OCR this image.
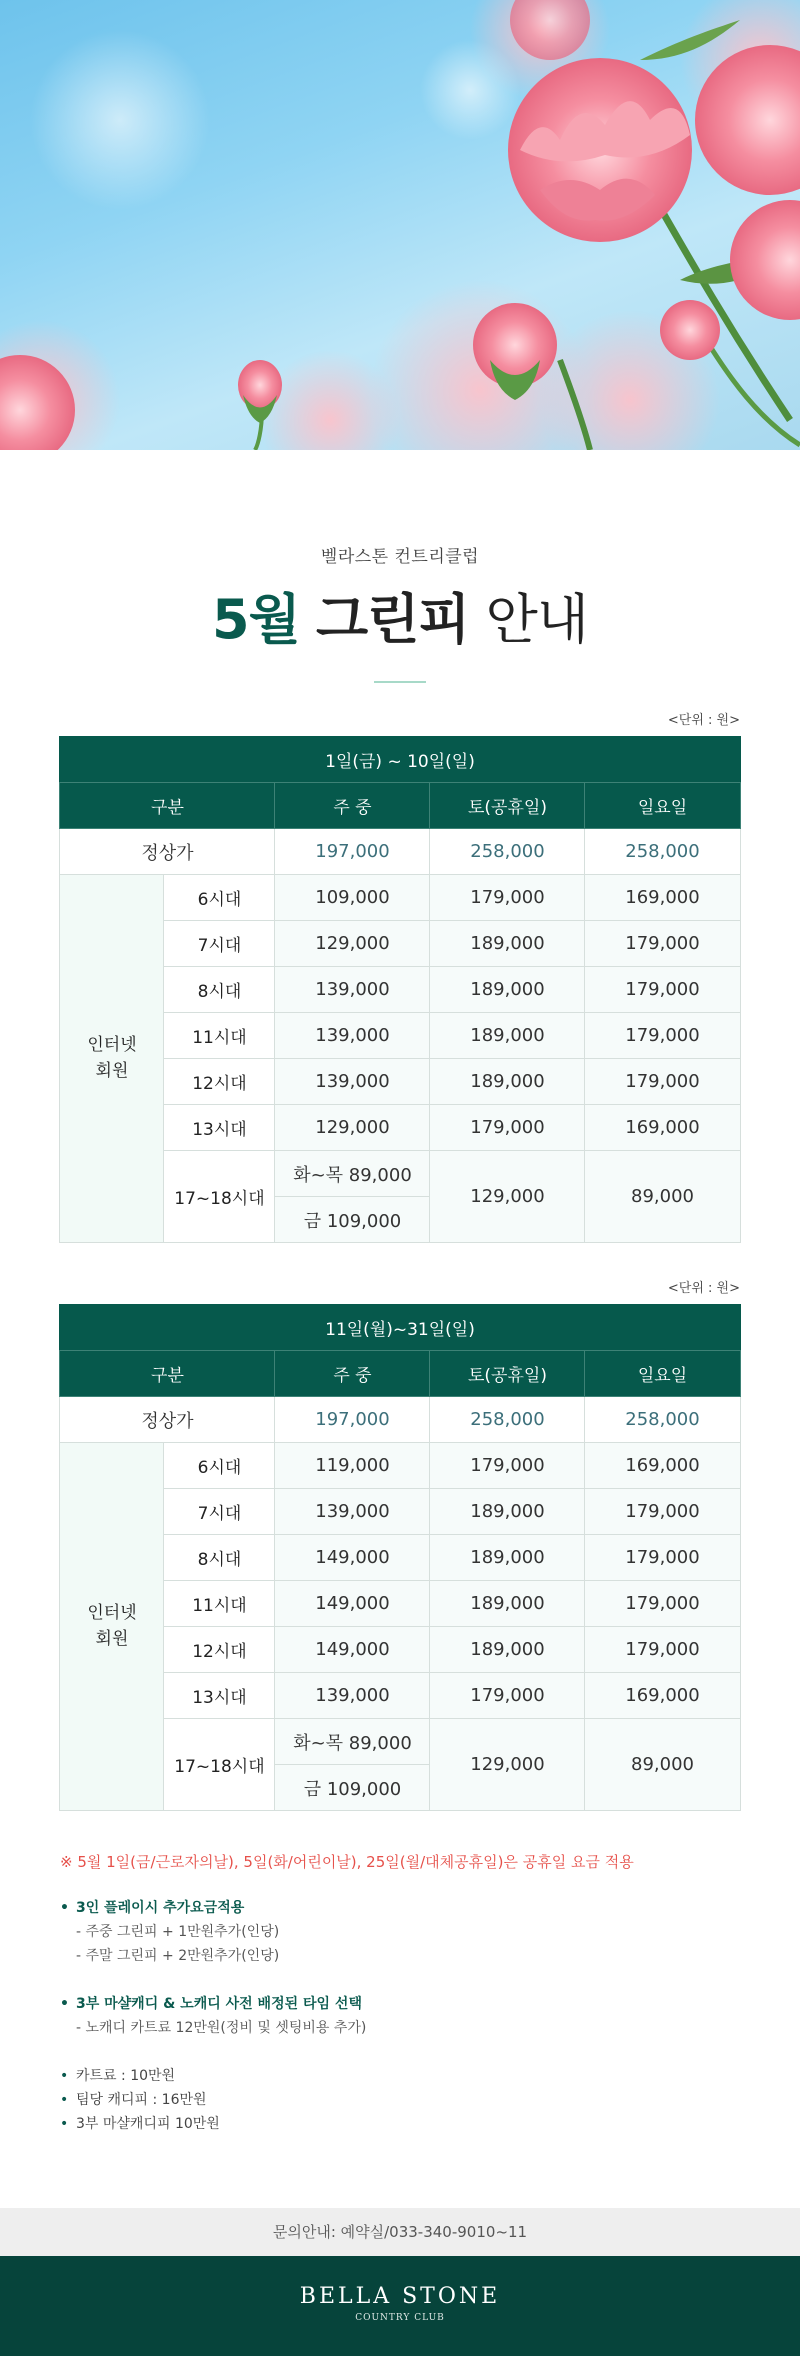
벨라스톤 컨트리클럽
5월 그린피 안내
<단위 : 원>
1일(금) ~ 10일(일)				
구분		주 중	토(공휴일)	일요일
정상가		197,000	258,000	258,000
인터넷
회원	6시대	109,000	179,000	169,000
	7시대	129,000	189,000	179,000
	8시대	139,000	189,000	179,000
	11시대	139,000	189,000	179,000
	12시대	139,000	189,000	179,000
	13시대	129,000	179,000	169,000
	17~18시대	화~목 89,000	129,000	89,000
		금 109,000		
<단위 : 원>
11일(월)~31일(일)				
구분		주 중	토(공휴일)	일요일
정상가		197,000	258,000	258,000
인터넷
회원	6시대	119,000	179,000	169,000
	7시대	139,000	189,000	179,000
	8시대	149,000	189,000	179,000
	11시대	149,000	189,000	179,000
	12시대	149,000	189,000	179,000
	13시대	139,000	179,000	169,000
	17~18시대	화~목 89,000	129,000	89,000
		금 109,000		
※ 5월 1일(금/근로자의날), 5일(화/어린이날), 25일(월/대체공휴일)은 공휴일 요금 적용
• 3인 플레이시 추가요금적용
- 주중 그린피 + 1만원추가(인당)
- 주말 그린피 + 2만원추가(인당)
• 3부 마샬캐디 & 노캐디 사전 배정된 타임 선택
- 노캐디 카트료 12만원(정비 및 셋팅비용 추가)
• 카트료 : 10만원
• 팀당 캐디피 : 16만원
• 3부 마샬캐디피 10만원
문의안내: 예약실/033-340-9010~11
BELLA STONE
COUNTRY CLUB
